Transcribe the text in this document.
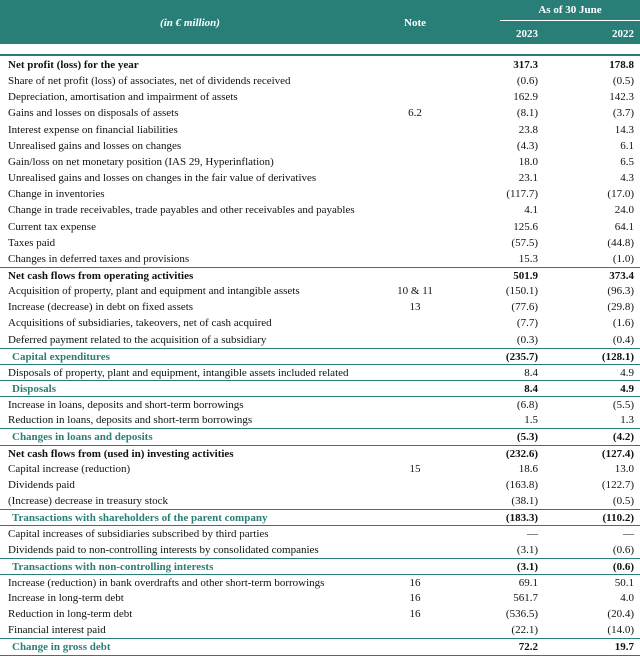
(in € million)	Note
As of 30 June
2023	2022
Net profit (loss) for the year	317.3	178.8
Share of net profit (loss) of associates, net of dividends received	(0.6)	(0.5)
Depreciation, amortisation and impairment of assets	162.9	142.3
Gains and losses on disposals of assets	6.2	(8.1)	(3.7)
Interest expense on financial liabilities	23.8	14.3
Unrealised gains and losses on changes	(4.3)	6.1
Gain/loss on net monetary position (IAS 29, Hyperinflation)	18.0	6.5
Unrealised gains and losses on changes in the fair value of derivatives	23.1	4.3
Change in inventories	(117.7)	(17.0)
Change in trade receivables, trade payables and other receivables and payables	4.1	24.0
Current tax expense	125.6	64.1
Taxes paid	(57.5)	(44.8)
Changes in deferred taxes and provisions	15.3	(1.0)
Net cash flows from operating activities	501.9	373.4
Acquisition of property, plant and equipment and intangible assets	10 & 11	(150.1)	(96.3)
Increase (decrease) in debt on fixed assets	13	(77.6)	(29.8)
Acquisitions of subsidiaries, takeovers, net of cash acquired	(7.7)	(1.6)
Deferred payment related to the acquisition of a subsidiary	(0.3)	(0.4)
Capital expenditures	(235.7)	(128.1)
Disposals of property, plant and equipment, intangible assets included related	8.4	4.9
Disposals	8.4	4.9
Increase in loans, deposits and short-term borrowings	(6.8)	(5.5)
Reduction in loans, deposits and short-term borrowings	1.5	1.3
Changes in loans and deposits	(5.3)	(4.2)
Net cash flows from (used in) investing activities	(232.6)	(127.4)
Capital increase (reduction)	15	18.6	13.0
Dividends paid	(163.8)	(122.7)
(Increase) decrease in treasury stock	(38.1)	(0.5)
Transactions with shareholders of the parent company	(183.3)	(110.2)
Capital increases of subsidiaries subscribed by third parties	—	—
Dividends paid to non-controlling interests by consolidated companies	(3.1)	(0.6)
Transactions with non-controlling interests	(3.1)	(0.6)
Increase (reduction) in bank overdrafts and other short-term borrowings	16	69.1	50.1
Increase in long-term debt	16	561.7	4.0
Reduction in long-term debt	16	(536.5)	(20.4)
Financial interest paid	(22.1)	(14.0)
Change in gross debt	72.2	19.7
